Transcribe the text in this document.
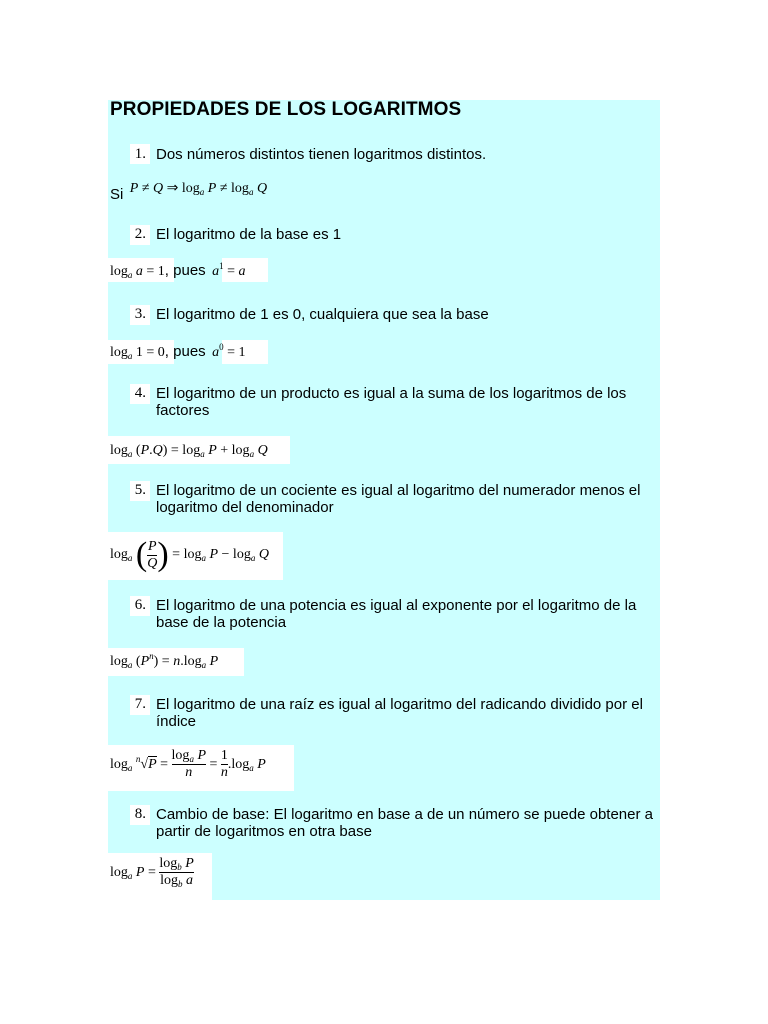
PROPIEDADES DE LOS LOGARITMOS
1. Dos números distintos tienen logaritmos distintos.
Si P ≠ Q ⇒ $\log_a P \ne \log_a Q$
2. El logaritmo de la base es 1
$\log_a a = 1$, pues $a^1 = a$
3. El logaritmo de 1 es 0, cualquiera que sea la base
$\log_a 1 = 0$, pues $a^0 = 1$
4. El logaritmo de un producto es igual a la suma de los logaritmos de los factores
$\log_a (P.Q) = \log_a P + \log_a Q$
5. El logaritmo de un cociente es igual al logaritmo del numerador menos el logaritmo del denominador
$\log_a$ ( $\frac{P}{Q}$ ) = $\log_a P - \log_a Q$
6. El logaritmo de una potencia es igual al exponente por el logaritmo de la base de la potencia
$\log_a (P^n) = n.\log_a$ P
7. El logaritmo de una raíz es igual al logaritmo del radicando dividido por el índice
$\log_a ^n√P = \frac{\log_a P}{n} = \frac{1}{n} .\log_a$ P
8. Cambio de base: El logaritmo en base a de un número se puede obtener a partir de logaritmos en otra base
$\log_a P = \frac{\log_b P}{\log_b a}$
